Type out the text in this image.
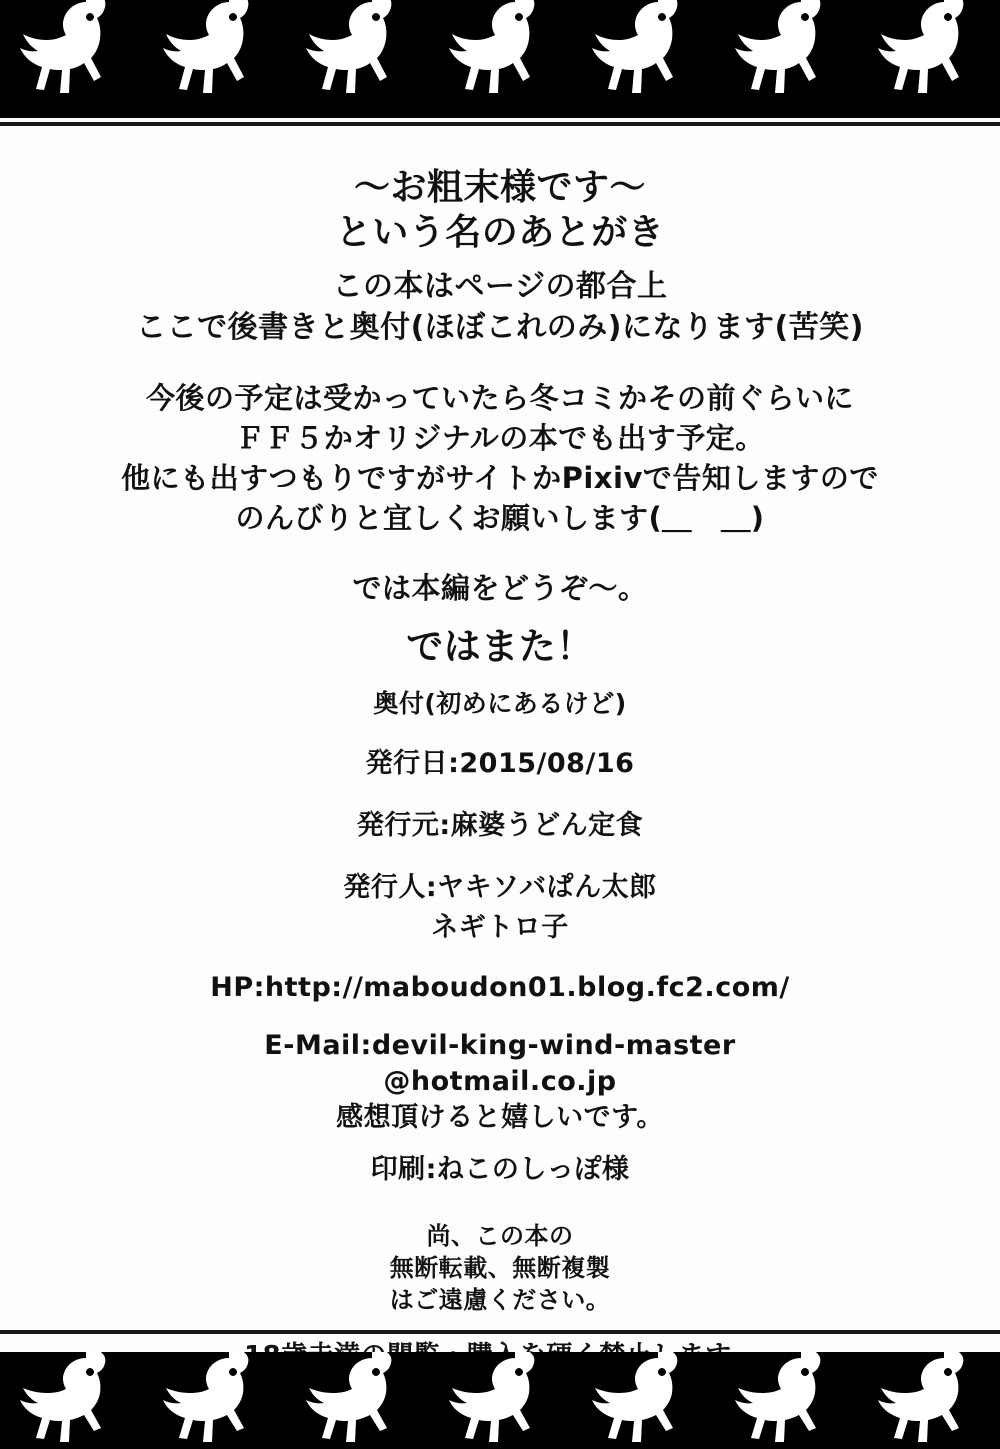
〜お粗末様です〜
という名のあとがき
この本はページの都合上
ここで後書きと奥付(ほぼこれのみ)になります(苦笑)
今後の予定は受かっていたら冬コミかその前ぐらいに
ＦＦ５かオリジナルの本でも出す予定。
他にも出すつもりですがサイトかPixivで告知しますので
のんびりと宜しくお願いします(＿　＿)
では本編をどうぞ〜。
ではまた！
奥付(初めにあるけど)
発行日:2015/08/16
発行元:麻婆うどん定食
発行人:ヤキソバぱん太郎
ネギトロ子
HP:http://maboudon01.blog.fc2.com/
E-Mail:devil-king-wind-master
@hotmail.co.jp
感想頂けると嬉しいです。
印刷:ねこのしっぽ様
尚、この本の
無断転載、無断複製
はご遠慮ください。
